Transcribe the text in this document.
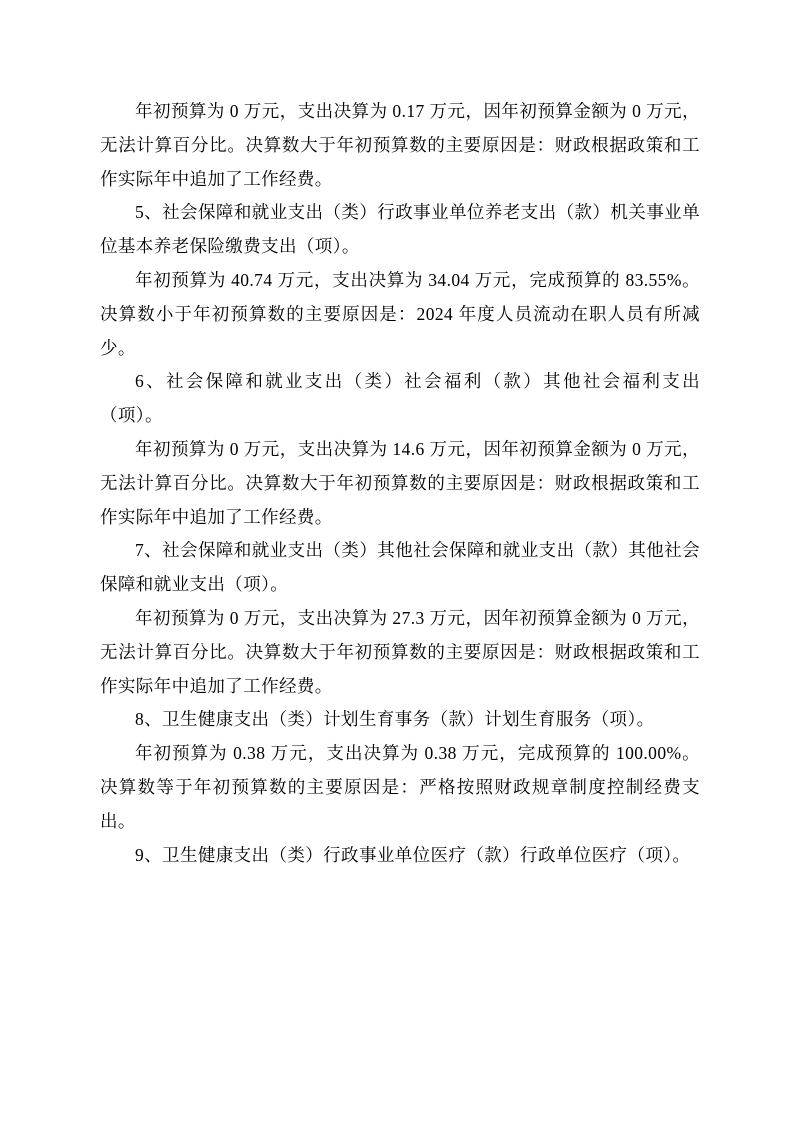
年初预算为 0 万元，支出决算为 0.17 万元，因年初预算金额为 0 万元，无法计算百分比。决算数大于年初预算数的主要原因是：财政根据政策和工作实际年中追加了工作经费。

5、社会保障和就业支出（类）行政事业单位养老支出（款）机关事业单位基本养老保险缴费支出（项）。

年初预算为 40.74 万元，支出决算为 34.04 万元，完成预算的 83.55%。决算数小于年初预算数的主要原因是：2024 年度人员流动在职人员有所减少。

6、社会保障和就业支出（类）社会福利（款）其他社会福利支出（项）。

年初预算为 0 万元，支出决算为 14.6 万元，因年初预算金额为 0 万元，无法计算百分比。决算数大于年初预算数的主要原因是：财政根据政策和工作实际年中追加了工作经费。

7、社会保障和就业支出（类）其他社会保障和就业支出（款）其他社会保障和就业支出（项）。

年初预算为 0 万元，支出决算为 27.3 万元，因年初预算金额为 0 万元，无法计算百分比。决算数大于年初预算数的主要原因是：财政根据政策和工作实际年中追加了工作经费。

8、卫生健康支出（类）计划生育事务（款）计划生育服务（项）。

年初预算为 0.38 万元，支出决算为 0.38 万元，完成预算的 100.00%。决算数等于年初预算数的主要原因是：严格按照财政规章制度控制经费支出。

9、卫生健康支出（类）行政事业单位医疗（款）行政单位医疗（项）。
